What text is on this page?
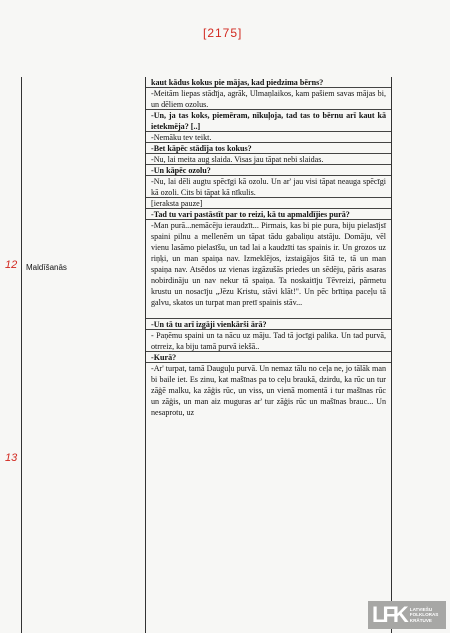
[2175]
12
13
Maldīšanās
kaut kādus kokus pie mājas, kad piedzima bērns?
-Meitām liepas stādīja, agrāk, Ulmaņlaikos, kam pašiem savas mājas bi, un dēliem ozolus.
-Un, ja tas koks, piemēram, nīkuļoja, tad tas to bērnu arī kaut kā ietekmēja? [..]
-Nemāku tev teikt.
-Bet kāpēc stādīja tos kokus?
-Nu, lai meita aug slaida. Visas jau tāpat nebi slaidas.
-Un kāpēc ozolu?
-Nu, lai dēli augtu spēcīgi kā ozolu. Un ar' jau visi tāpat neauga spēcīgi kā ozoli. Cits bi tāpat kā nīkulis.
[ieraksta pauze]
-Tad tu vari pastāstīt par to reizi, kā tu apmaldījies purā?
-Man purā...nemācēju ieraudzīt... Pirmais, kas bi pie pura, biju pielasījsī spaini pilnu a mellenēm un tāpat tādu gabaliņu atstāju. Domāju, vēl vienu lasāmo pielasīšu, un tad lai a kaudzīti tas spainis ir. Un grozos uz riņķi, un man spaiņa nav. Izmeklējos, izstaigājos šitā te, tā un man spaiņa nav. Atsēdos uz vienas izgāzušās priedes un sēdēju, pāris asaras nobirdināju un nav nekur tā spaiņa. Ta noskaitīju Tēvreizi, pārmetu krustu un nosacīju „Jēzu Kristu, stāvi klāt!". Un pēc brītiņa paceļu tā galvu, skatos un turpat man pretī spainis stāv...
-Un tā tu arī izgāji vienkārši ārā?
- Paņēmu spaini un ta nācu uz māju. Tad tā jocīgi palika. Un tad purvā, otrreiz, ka biju tamā purvā iekšā..
-Kurā?
-Ar' turpat, tamā Dauguļu purvā. Un nemaz tālu no ceļa ne, jo tālāk man bi baile iet. Es zinu, kat mašīnas pa to ceļu braukā, dzirdu, ka rūc un tur zāģē malku, ka zāģis rūc, un viss, un vienā momentā i tur mašīnas rūc un zāģis, un man aiz muguras ar' tur zāģis rūc un mašīnas brauc... Un nesaprotu, uz
LFK LATVIEŠU
FOLKLORAS
KRĀTUVE
